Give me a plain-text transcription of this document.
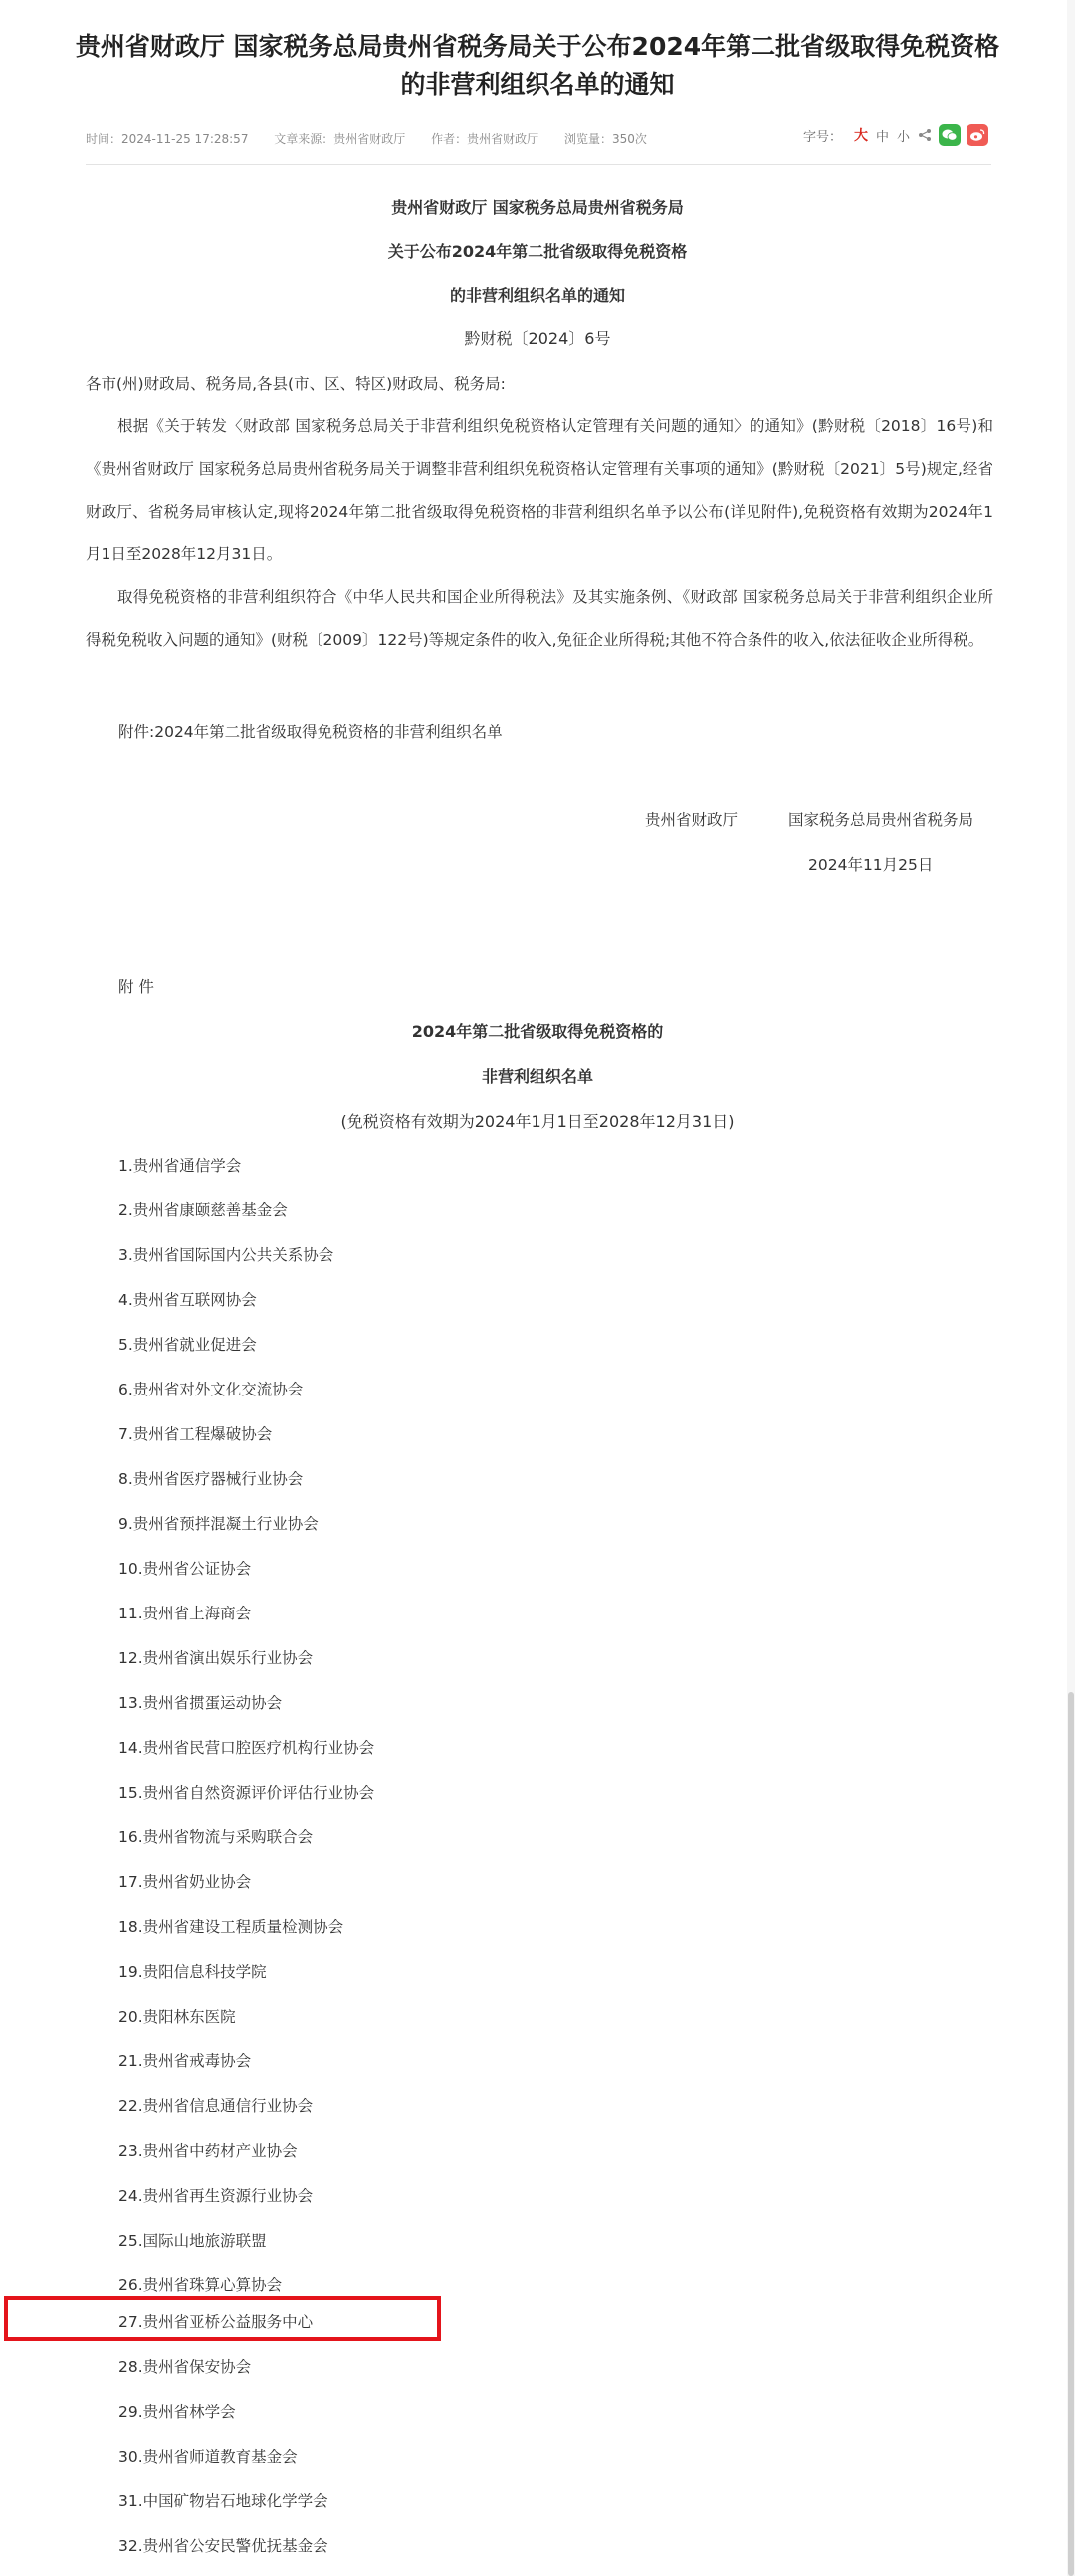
贵州省财政厅 国家税务总局贵州省税务局关于公布2024年第二批省级取得免税资格的非营利组织名单的通知
时间：2024-11-25 17:28:57 文章来源：贵州省财政厅 作者：贵州省财政厅 浏览量：350次	字号： 大 中 小
贵州省财政厅 国家税务总局贵州省税务局
关于公布2024年第二批省级取得免税资格
的非营利组织名单的通知
黔财税〔2024〕6号
各市(州)财政局、税务局,各县(市、区、特区)财政局、税务局:
根据《关于转发〈财政部 国家税务总局关于非营利组织免税资格认定管理有关问题的通知〉的通知》(黔财税〔2018〕16号)和《贵州省财政厅 国家税务总局贵州省税务局关于调整非营利组织免税资格认定管理有关事项的通知》(黔财税〔2021〕5号)规定,经省财政厅、省税务局审核认定,现将2024年第二批省级取得免税资格的非营利组织名单予以公布(详见附件),免税资格有效期为2024年1月1日至2028年12月31日。
取得免税资格的非营利组织符合《中华人民共和国企业所得税法》及其实施条例、《财政部 国家税务总局关于非营利组织企业所得税免税收入问题的通知》(财税〔2009〕122号)等规定条件的收入,免征企业所得税;其他不符合条件的收入,依法征收企业所得税。
附件:2024年第二批省级取得免税资格的非营利组织名单
贵州省财政厅	国家税务总局贵州省税务局
2024年11月25日
附 件
2024年第二批省级取得免税资格的
非营利组织名单
(免税资格有效期为2024年1月1日至2028年12月31日)
1.贵州省通信学会
2.贵州省康颐慈善基金会
3.贵州省国际国内公共关系协会
4.贵州省互联网协会
5.贵州省就业促进会
6.贵州省对外文化交流协会
7.贵州省工程爆破协会
8.贵州省医疗器械行业协会
9.贵州省预拌混凝土行业协会
10.贵州省公证协会
11.贵州省上海商会
12.贵州省演出娱乐行业协会
13.贵州省掼蛋运动协会
14.贵州省民营口腔医疗机构行业协会
15.贵州省自然资源评价评估行业协会
16.贵州省物流与采购联合会
17.贵州省奶业协会
18.贵州省建设工程质量检测协会
19.贵阳信息科技学院
20.贵阳林东医院
21.贵州省戒毒协会
22.贵州省信息通信行业协会
23.贵州省中药材产业协会
24.贵州省再生资源行业协会
25.国际山地旅游联盟
26.贵州省珠算心算协会
27.贵州省亚桥公益服务中心
28.贵州省保安协会
29.贵州省林学会
30.贵州省师道教育基金会
31.中国矿物岩石地球化学学会
32.贵州省公安民警优抚基金会
